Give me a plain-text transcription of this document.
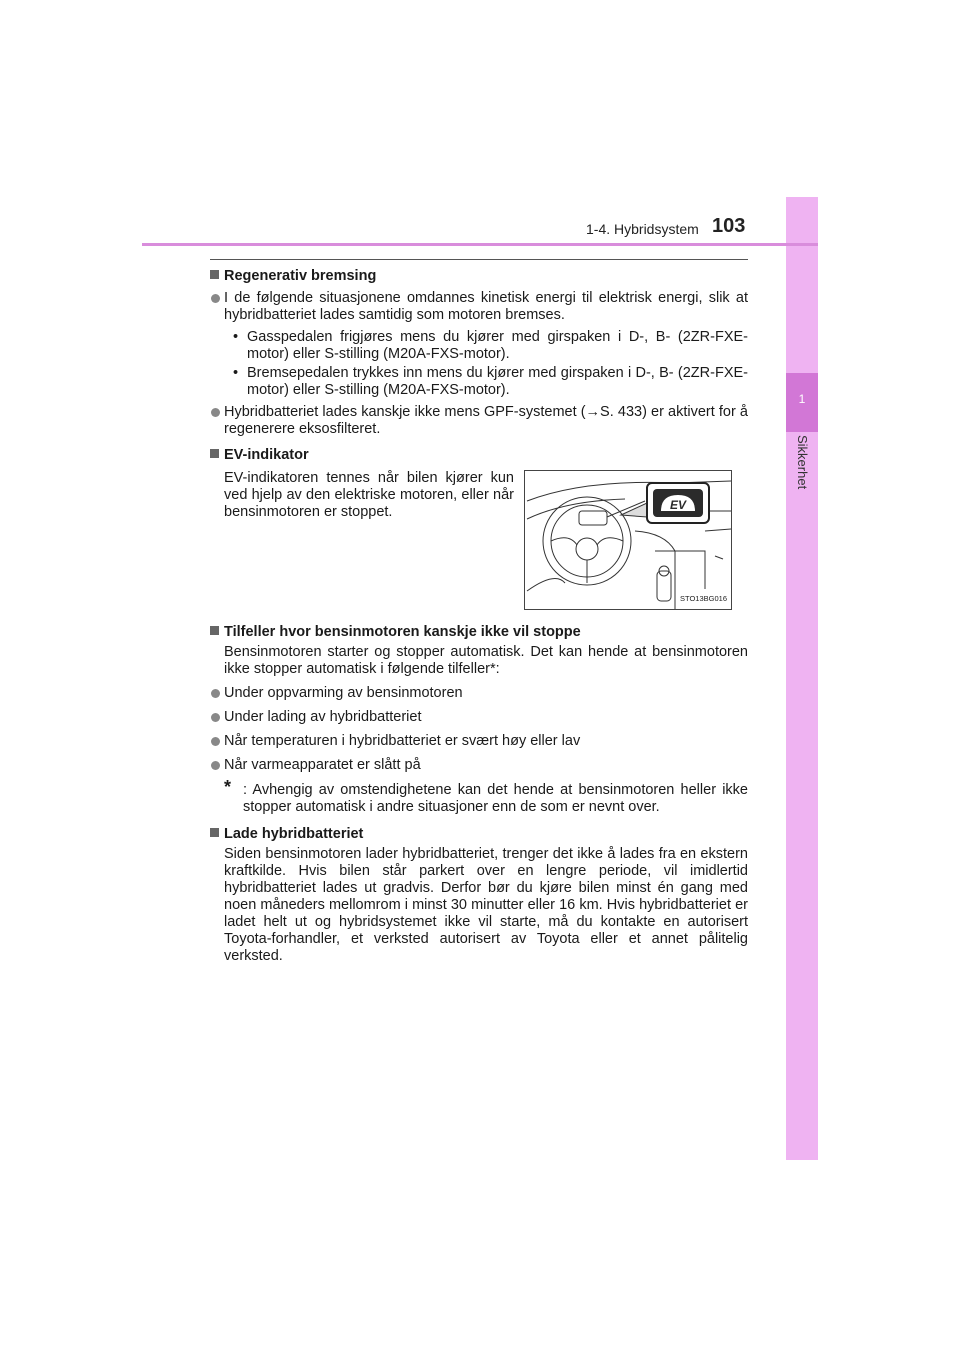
1
Sikkerhet
1-4. Hybridsystem 103
Regenerativ bremsing
I de følgende situasjonene omdannes kinetisk energi til elektrisk energi, slik at hybridbatteriet lades samtidig som motoren bremses.
• Gasspedalen frigjøres mens du kjører med girspaken i D-, B- (2ZR-FXE-motor) eller S-stilling (M20A-FXS-motor).
• Bremsepedalen trykkes inn mens du kjører med girspaken i D-, B- (2ZR-FXE-motor) eller S-stilling (M20A-FXS-motor).
Hybridbatteriet lades kanskje ikke mens GPF-systemet (→S. 433) er aktivert for å regenerere eksosfilteret.
EV-indikator
EV-indikatoren tennes når bilen kjører kun ved hjelp av den elektriske motoren, eller når bensinmotoren er stoppet.	EV
STO13BG016
Tilfeller hvor bensinmotoren kanskje ikke vil stoppe
Bensinmotoren starter og stopper automatisk. Det kan hende at bensinmotoren ikke stopper automatisk i følgende tilfeller*:
Under oppvarming av bensinmotoren
Under lading av hybridbatteriet
Når temperaturen i hybridbatteriet er svært høy eller lav
Når varmeapparatet er slått på
* : Avhengig av omstendighetene kan det hende at bensinmotoren heller ikke stopper automatisk i andre situasjoner enn de som er nevnt over.
Lade hybridbatteriet
Siden bensinmotoren lader hybridbatteriet, trenger det ikke å lades fra en ekstern kraftkilde. Hvis bilen står parkert over en lengre periode, vil imidlertid hybridbatteriet lades ut gradvis. Derfor bør du kjøre bilen minst én gang med noen måneders mellomrom i minst 30 minutter eller 16 km. Hvis hybridbatteriet er ladet helt ut og hybridsystemet ikke vil starte, må du kontakte en autorisert Toyota-forhandler, et verksted autorisert av Toyota eller et annet pålitelig verksted.
